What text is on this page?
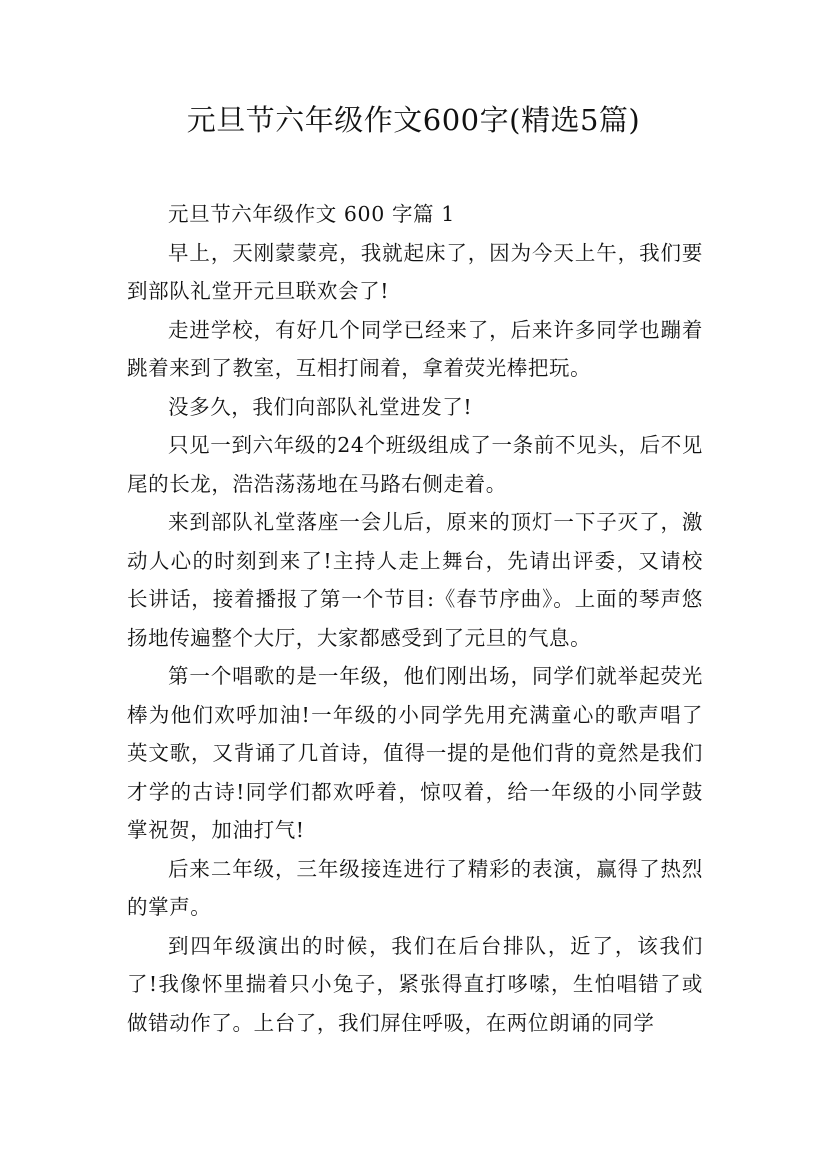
元旦节六年级作文600字(精选5篇)

元旦节六年级作文 600 字篇 1

早上，天刚蒙蒙亮，我就起床了，因为今天上午，我们要到部队礼堂开元旦联欢会了!

走进学校，有好几个同学已经来了，后来许多同学也蹦着跳着来到了教室，互相打闹着，拿着荧光棒把玩。

没多久，我们向部队礼堂进发了!

只见一到六年级的24个班级组成了一条前不见头，后不见尾的长龙，浩浩荡荡地在马路右侧走着。

来到部队礼堂落座一会儿后，原来的顶灯一下子灭了，激动人心的时刻到来了!主持人走上舞台，先请出评委，又请校长讲话，接着播报了第一个节目:《春节序曲》。上面的琴声悠扬地传遍整个大厅，大家都感受到了元旦的气息。

第一个唱歌的是一年级，他们刚出场，同学们就举起荧光棒为他们欢呼加油!一年级的小同学先用充满童心的歌声唱了英文歌，又背诵了几首诗，值得一提的是他们背的竟然是我们才学的古诗!同学们都欢呼着，惊叹着，给一年级的小同学鼓掌祝贺，加油打气!

后来二年级，三年级接连进行了精彩的表演，赢得了热烈的掌声。

到四年级演出的时候，我们在后台排队，近了，该我们了!我像怀里揣着只小兔子，紧张得直打哆嗦，生怕唱错了或做错动作了。上台了，我们屏住呼吸，在两位朗诵的同学
